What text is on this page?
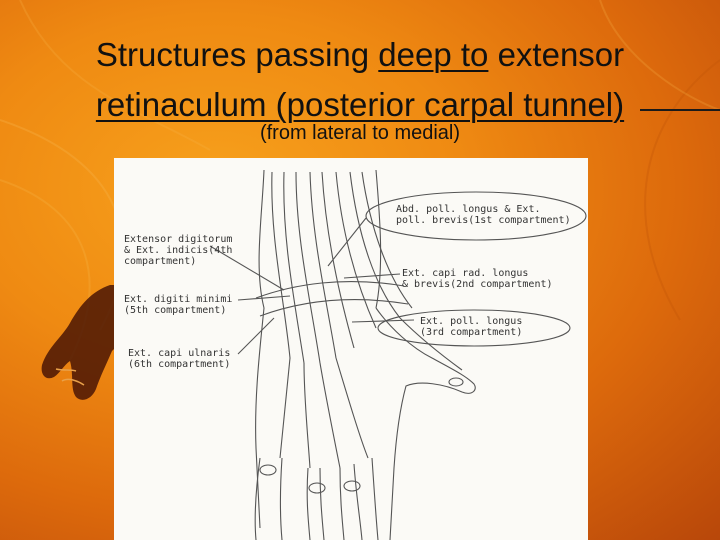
Structures passing deep to extensor
retinaculum (posterior carpal tunnel)
(from lateral to medial)
Extensor digitorum
& Ext. indicis(4th
compartment)
Ext. digiti minimi
(5th compartment)
Ext. capi ulnaris
(6th compartment)
Abd. poll. longus & Ext.
poll. brevis(1st compartment)
Ext. capi rad. longus
& brevis(2nd compartment)
Ext. poll. longus
(3rd compartment)
